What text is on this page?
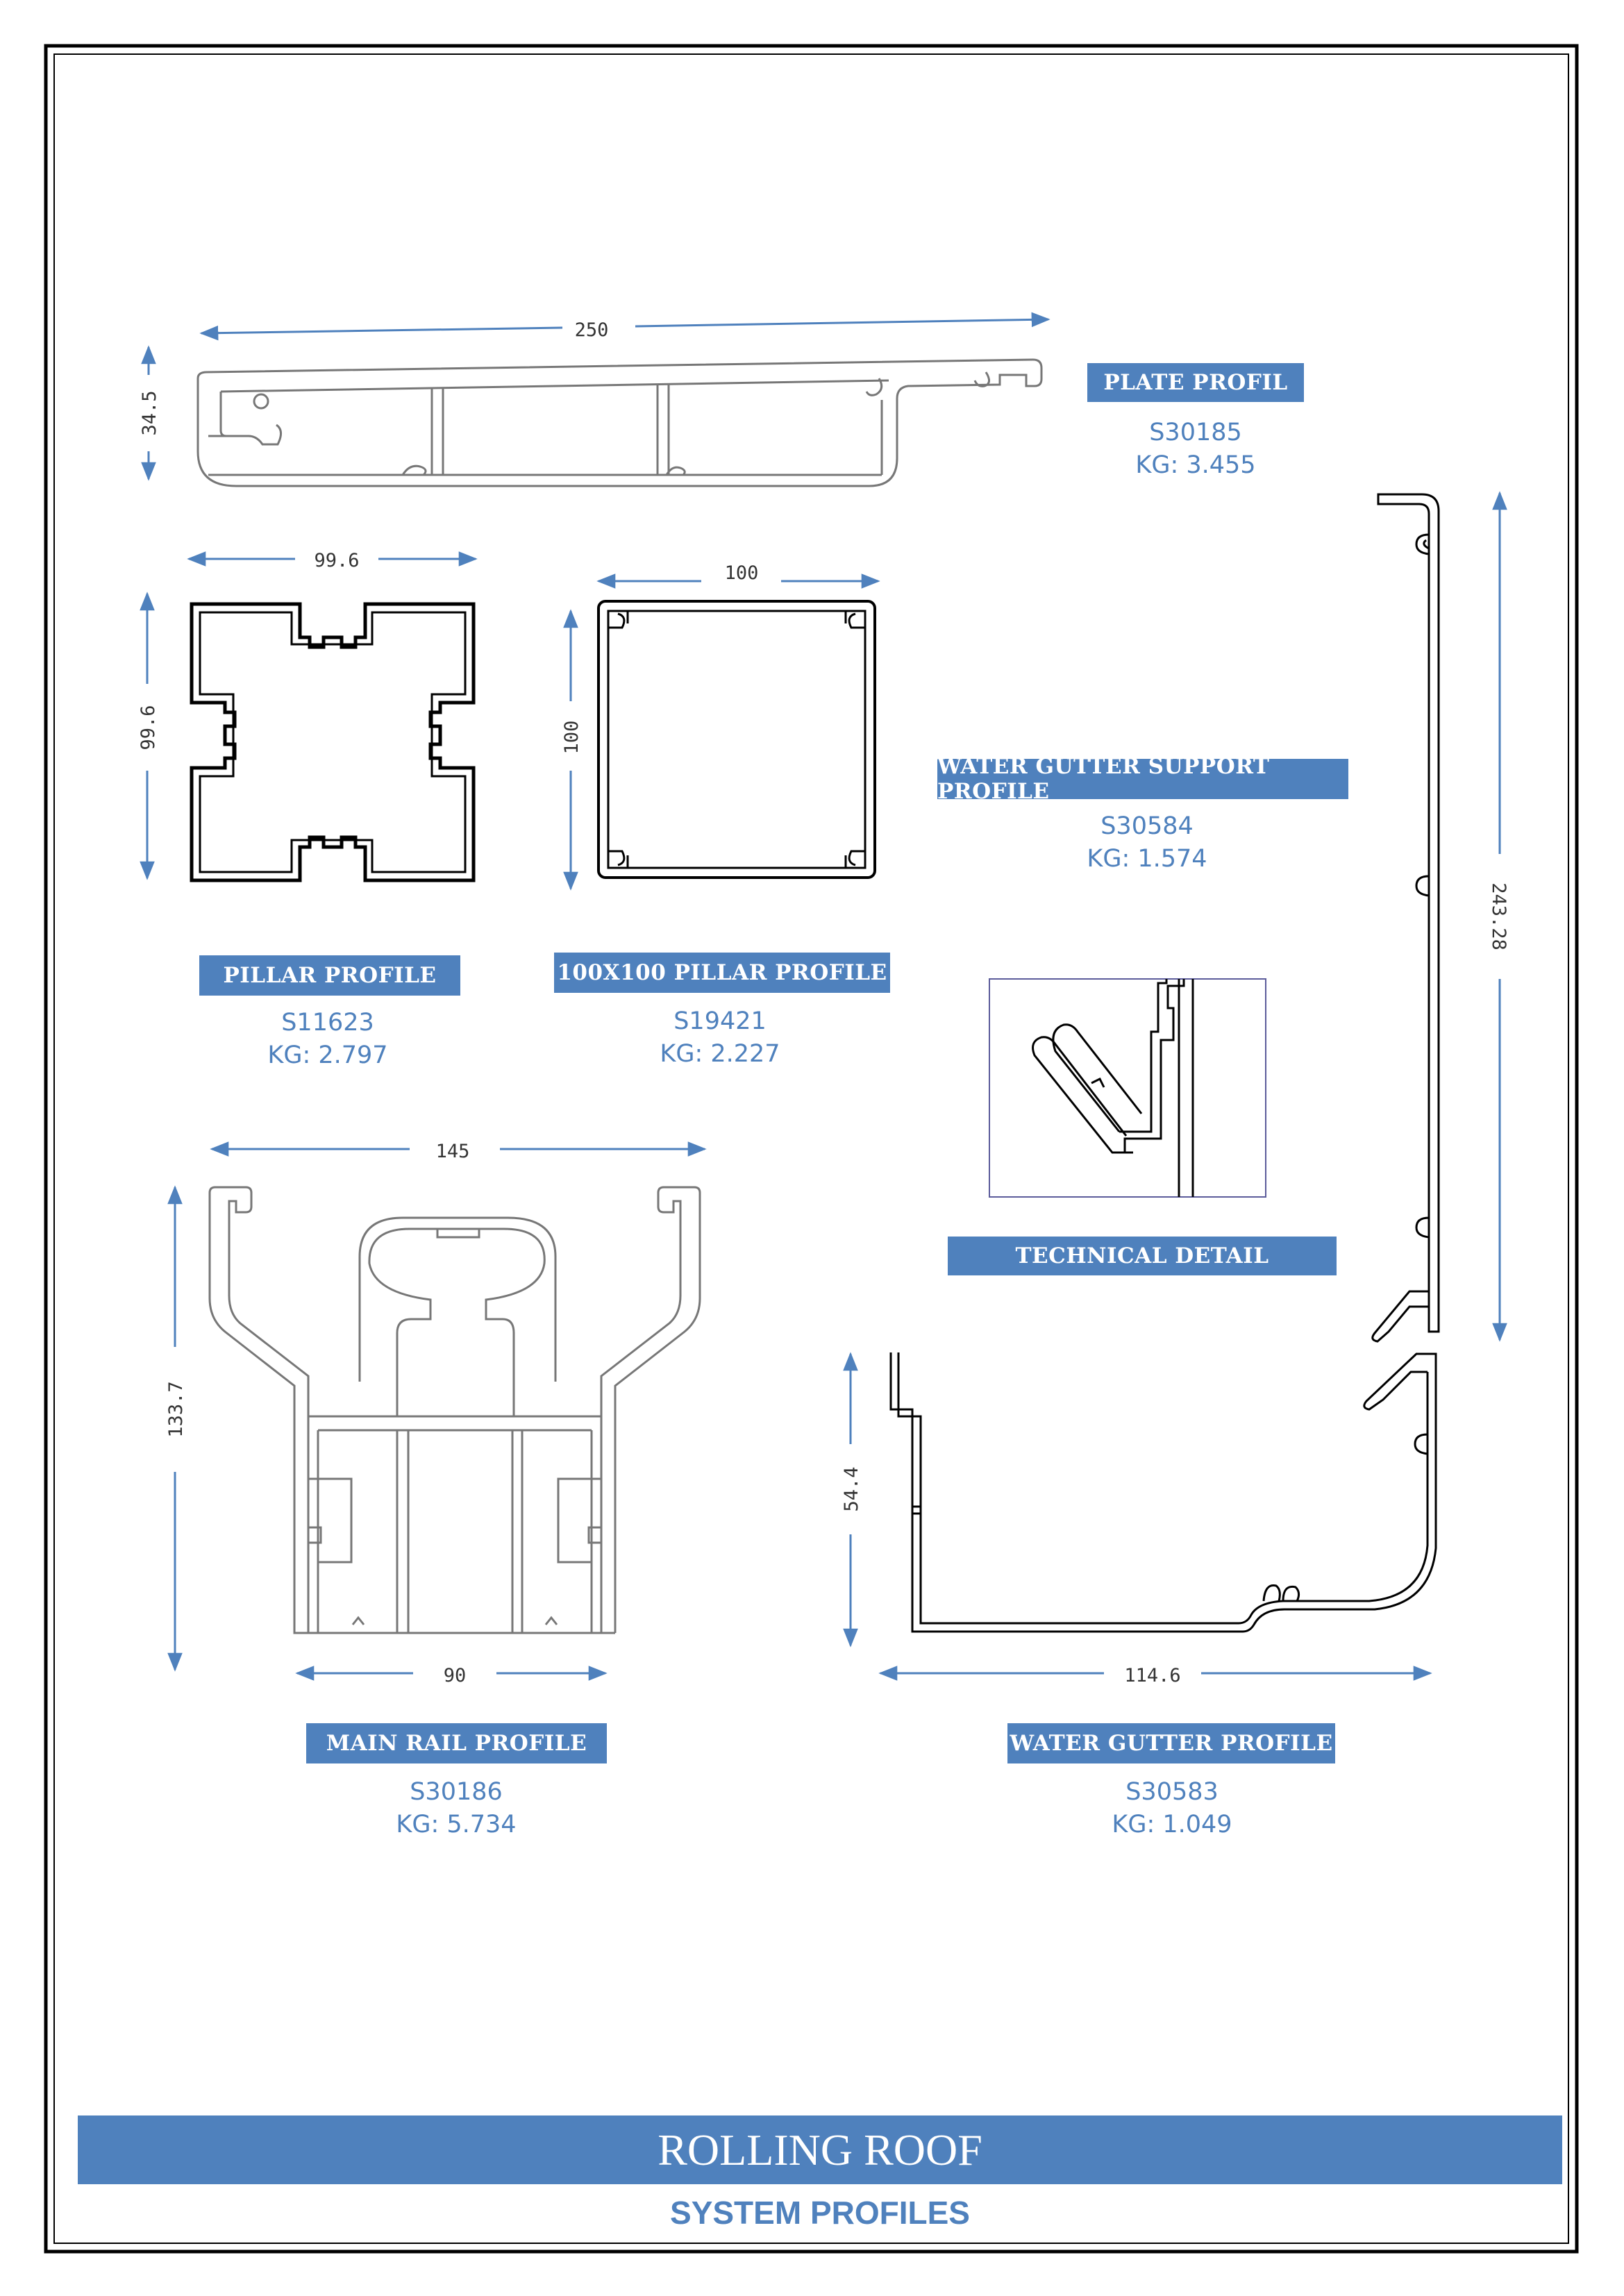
250
34.5
99.6
99.6
100
100
243.28
145
133.7
90
54.4
114.6
PLATE PROFIL
S30185
KG: 3.455
WATER GUTTER SUPPORT PROFILE
S30584
KG: 1.574
PILLAR PROFILE
S11623
KG: 2.797
100X100 PILLAR PROFILE
S19421
KG: 2.227
TECHNICAL DETAIL
MAIN RAIL PROFILE
S30186
KG: 5.734
WATER GUTTER PROFILE
S30583
KG: 1.049
ROLLING ROOF
SYSTEM PROFILES
